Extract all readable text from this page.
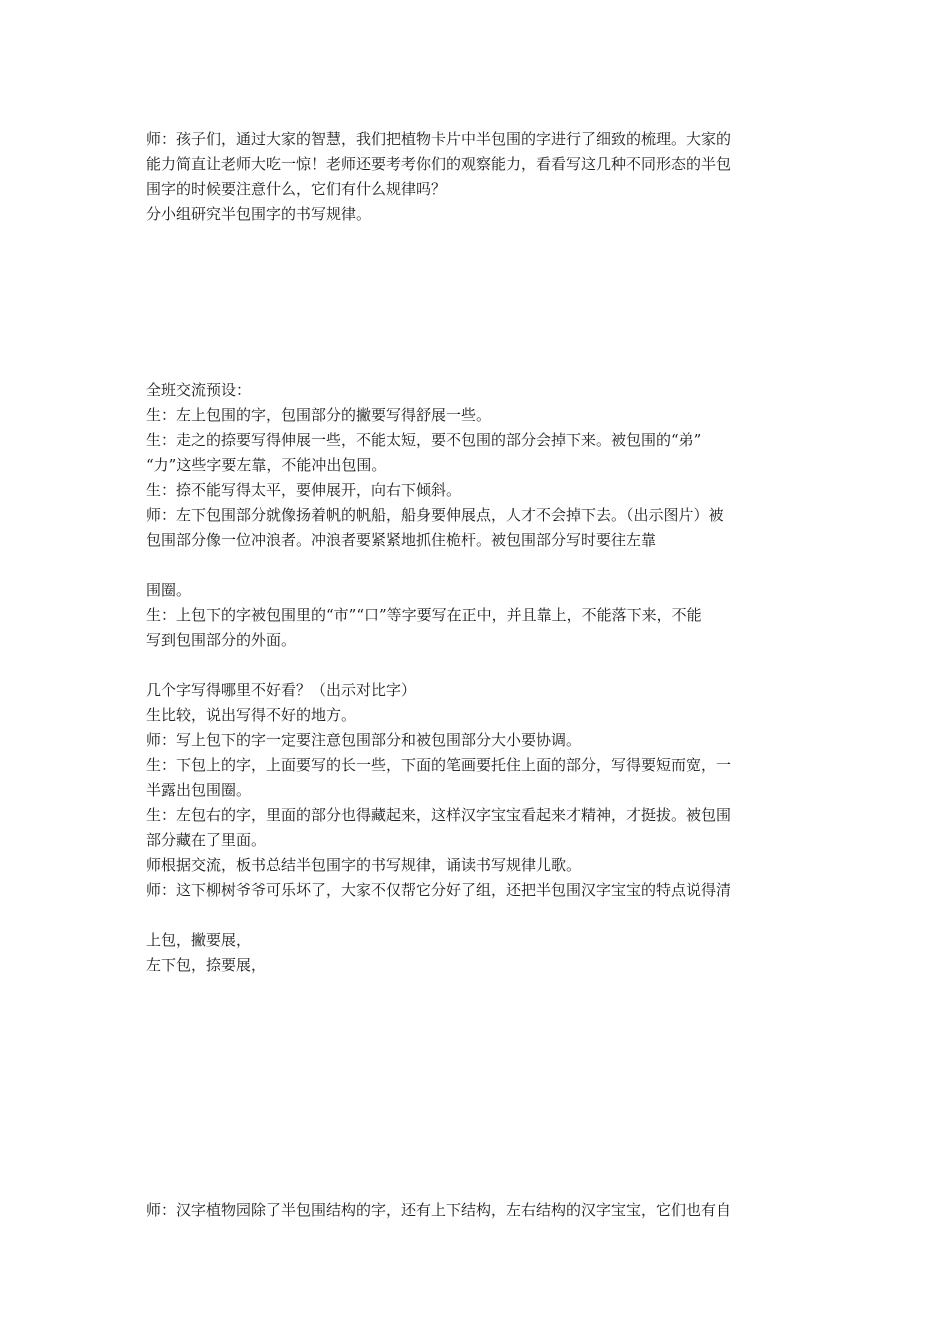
师：孩子们，通过大家的智慧，我们把植物卡片中半包围的字进行了细致的梳理。大家的
能力简直让老师大吃一惊！老师还要考考你们的观察能力，看看写这几种不同形态的半包
围字的时候要注意什么，它们有什么规律吗？
分小组研究半包围字的书写规律。
全班交流预设：
生：左上包围的字，包围部分的撇要写得舒展一些。
生：走之的捺要写得伸展一些，不能太短，要不包围的部分会掉下来。被包围的“弟”
“力”这些字要左靠，不能冲出包围。
生：捺不能写得太平，要伸展开，向右下倾斜。
师：左下包围部分就像扬着帆的帆船，船身要伸展点，人才不会掉下去。（出示图片）被
包围部分像一位冲浪者。冲浪者要紧紧地抓住桅杆。被包围部分写时要往左靠
围圈。
生：上包下的字被包围里的“市”“口”等字要写在正中，并且靠上，不能落下来，不能
写到包围部分的外面。
几个字写得哪里不好看？（出示对比字）
生比较，说出写得不好的地方。
师：写上包下的字一定要注意包围部分和被包围部分大小要协调。
生：下包上的字，上面要写的长一些，下面的笔画要托住上面的部分，写得要短而宽，一
半露出包围圈。
生：左包右的字，里面的部分也得藏起来，这样汉字宝宝看起来才精神，才挺拔。被包围
部分藏在了里面。
师根据交流，板书总结半包围字的书写规律，诵读书写规律儿歌。
师：这下柳树爷爷可乐坏了，大家不仅帮它分好了组，还把半包围汉字宝宝的特点说得清
上包，撇要展，
左下包，捺要展，
师：汉字植物园除了半包围结构的字，还有上下结构，左右结构的汉字宝宝，它们也有自
